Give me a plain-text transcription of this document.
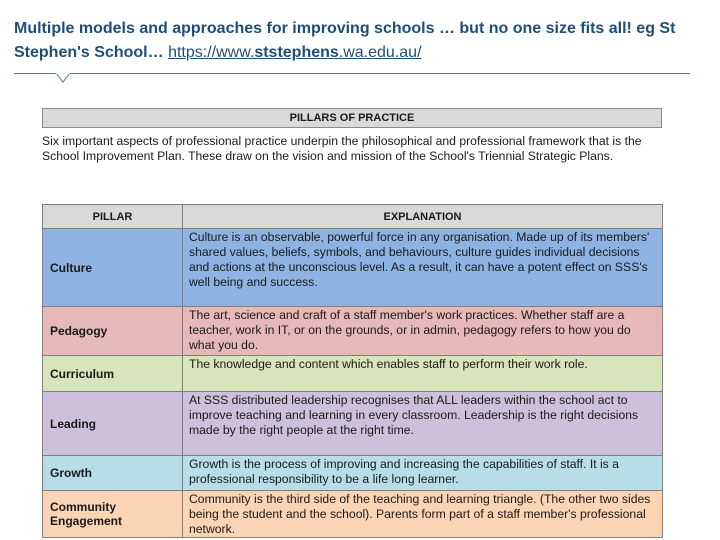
Multiple models and approaches for improving schools … but no one size fits all! eg St Stephen's School… https://www.ststephens.wa.edu.au/
PILLARS OF PRACTICE
Six important aspects of professional practice underpin the philosophical and professional framework that is the School Improvement Plan. These draw on the vision and mission of the School's Triennial Strategic Plans.
PILLAR	EXPLANATION
Culture	Culture is an observable, powerful force in any organisation. Made up of its members' shared values, beliefs, symbols, and behaviours, culture guides individual decisions and actions at the unconscious level. As a result, it can have a potent effect on SSS's well being and success.
Pedagogy	The art, science and craft of a staff member's work practices. Whether staff are a teacher, work in IT, or on the grounds, or in admin, pedagogy refers to how you do what you do.
Curriculum	The knowledge and content which enables staff to perform their work role.
Leading	At SSS distributed leadership recognises that ALL leaders within the school act to improve teaching and learning in every classroom. Leadership is the right decisions made by the right people at the right time.
Growth	Growth is the process of improving and increasing the capabilities of staff. It is a professional responsibility to be a life long learner.
Community Engagement	Community is the third side of the teaching and learning triangle. (The other two sides being the student and the school). Parents form part of a staff member's professional network.
